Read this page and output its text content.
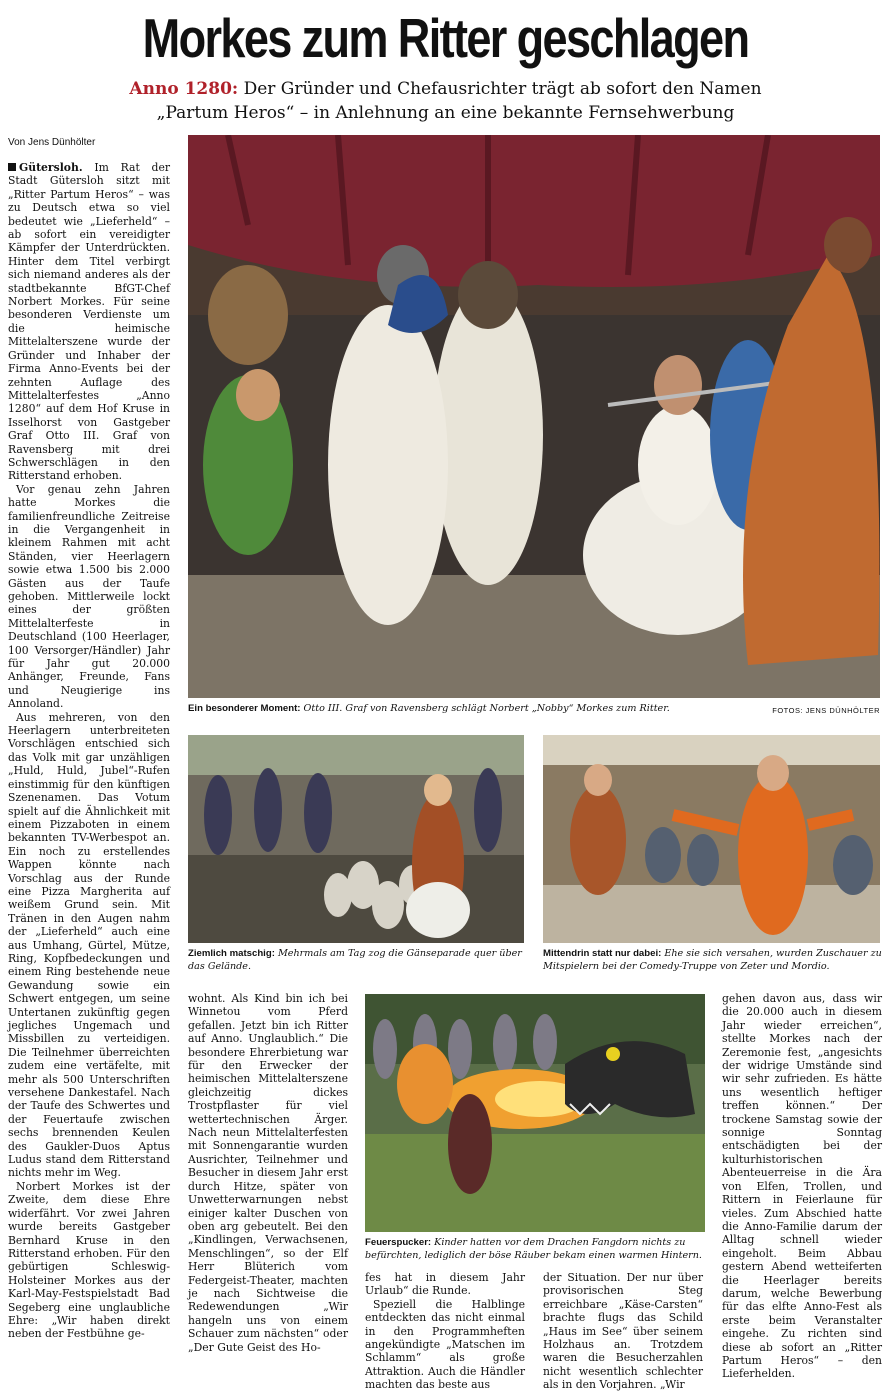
Morkes zum Ritter geschlagen
Anno 1280: Der Gründer und Chefausrichter trägt ab sofort den Namen
„Partum Heros“ – in Anlehnung an eine bekannte Fernsehwerbung
Von Jens Dünhölter

Gütersloh. Im Rat der Stadt Gütersloh sitzt mit „Ritter Partum Heros“ – was zu Deutsch etwa so viel bedeutet wie „Lieferheld“ – ab sofort ein vereidigter Kämpfer der Unterdrückten. Hinter dem Titel verbirgt sich niemand anderes als der stadtbekannte BfGT-Chef Norbert Morkes. Für seine besonderen Verdienste um die heimische Mittelalterszene wurde der Gründer und Inhaber der Firma Anno-Events bei der zehnten Auflage des Mittelalterfestes „Anno 1280“ auf dem Hof Kruse in Isselhorst von Gastgeber Graf Otto III. Graf von Ravensberg mit drei Schwerschlägen in den Ritterstand erhoben.

Vor genau zehn Jahren hatte Morkes die familienfreundliche Zeitreise in die Vergangenheit in kleinem Rahmen mit acht Ständen, vier Heerlagern sowie etwa 1.500 bis 2.000 Gästen aus der Taufe gehoben. Mittlerweile lockt eines der größten Mittelalterfeste in Deutschland (100 Heerlager, 100 Versorger/Händler) Jahr für Jahr gut 20.000 Anhänger, Freunde, Fans und Neugierige ins Annoland.

Aus mehreren, von den Heerlagern unterbreiteten Vorschlägen entschied sich das Volk mit gar unzähligen „Huld, Huld, Jubel“-Rufen einstimmig für den künftigen Szenenamen. Das Votum spielt auf die Ähnlichkeit mit einem Pizzaboten in einem bekannten TV-Werbespot an. Ein noch zu erstellendes Wappen könnte nach Vorschlag aus der Runde eine Pizza Margherita auf weißem Grund sein. Mit Tränen in den Augen nahm der „Lieferheld“ auch eine aus Umhang, Gürtel, Mütze, Ring, Kopfbedeckungen und einem Ring bestehende neue Gewandung sowie ein Schwert entgegen, um seine Untertanen zukünftig gegen jegliches Ungemach und Missbillen zu verteidigen. Die Teilnehmer überreichten zudem eine vertäfelte, mit mehr als 500 Unterschriften versehene Dankestafel. Nach der Taufe des Schwertes und der Feuertaufe zwischen sechs brennenden Keulen des Gaukler-Duos Aptus Ludus stand dem Ritterstand nichts mehr im Weg.

Norbert Morkes ist der Zweite, dem diese Ehre widerfährt. Vor zwei Jahren wurde bereits Gastgeber Bernhard Kruse in den Ritterstand erhoben. Für den gebürtigen Schleswig-Holsteiner Morkes aus der Karl-May-Festspielstadt Bad Segeberg eine unglaubliche Ehre: „Wir haben direkt neben der Festbühne ge-

Ein besonderer Moment: Otto III. Graf von Ravensberg schlägt Norbert „Nobby“ Morkes zum Ritter.	FOTOS: JENS DÜNHÖLTER
Ziemlich matschig: Mehrmals am Tag zog die Gänseparade quer über das Gelände.
Mittendrin statt nur dabei: Ehe sie sich versahen, wurden Zuschauer zu Mitspielern bei der Comedy-Truppe von Zeter und Mordio.

wohnt. Als Kind bin ich bei Winnetou vom Pferd gefallen. Jetzt bin ich Ritter auf Anno. Unglaublich.“ Die besondere Ehrerbietung war für den Erwecker der heimischen Mittelalterszene gleichzeitig dickes Trostpflaster für viel wettertechnischen Ärger. Nach neun Mittelalterfesten mit Sonnengarantie wurden Ausrichter, Teilnehmer und Besucher in diesem Jahr erst durch Hitze, später von Unwetterwarnungen nebst einiger kalter Duschen von oben arg gebeutelt. Bei den „Kindlingen, Verwachsenen, Menschlingen“, so der Elf Herr Blüterich vom Federgeist-Theater, machten je nach Sichtweise die Redewendungen „Wir hangeln uns von einem Schauer zum nächsten“ oder „Der Gute Geist des Ho-

Feuerspucker: Kinder hatten vor dem Drachen Fangdorn nichts zu befürchten, lediglich der böse Räuber bekam einen warmen Hintern.

fes hat in diesem Jahr Urlaub“ die Runde.

Speziell die Halblinge entdeckten das nicht einmal in den Programmheften angekündigte „Matschen im Schlamm“ als große Attraktion. Auch die Händler machten das beste aus

der Situation. Der nur über provisorischen Steg erreichbare „Käse-Carsten“ brachte flugs das Schild „Haus im See“ über seinem Holzhaus an. Trotzdem waren die Besucherzahlen nicht wesentlich schlechter als in den Vorjahren. „Wir

gehen davon aus, dass wir die 20.000 auch in diesem Jahr wieder erreichen“, stellte Morkes nach der Zeremonie fest, „angesichts der widrige Umstände sind wir sehr zufrieden. Es hätte uns wesentlich heftiger treffen können.“ Der trockene Samstag sowie der sonnige Sonntag entschädigten bei der kulturhistorischen Abenteuerreise in die Ära von Elfen, Trollen, und Rittern in Feierlaune für vieles. Zum Abschied hatte die Anno-Familie darum der Alltag schnell wieder eingeholt. Beim Abbau gestern Abend wetteiferten die Heerlager bereits darum, welche Bewerbung für das elfte Anno-Fest als erste beim Veranstalter eingehe. Zu richten sind diese ab sofort an „Ritter Partum Heros“ – den Lieferhelden.
